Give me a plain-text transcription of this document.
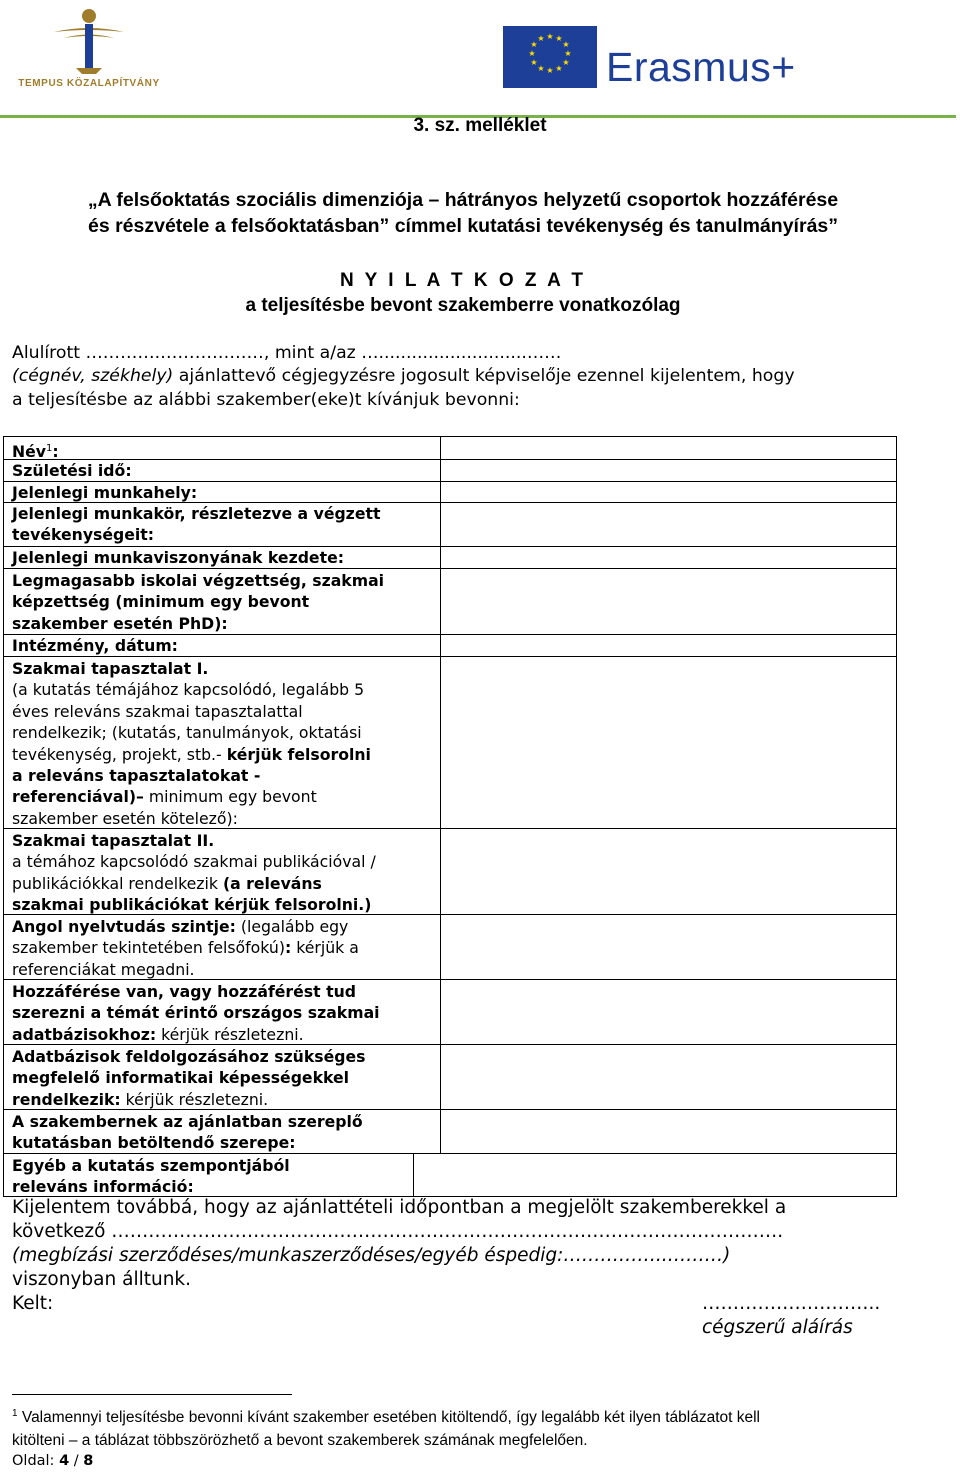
TEMPUS KÖZALAPÍTVÁNY
★ ★
★
★
★
★
★
★
★
★
★
★
Erasmus+
3. sz. melléklet
„A felsőoktatás szociális dimenziója – hátrányos helyzetű csoportok hozzáférése
és részvétele a felsőoktatásban” címmel kutatási tevékenység és tanulmányírás”
N Y I L A T K O Z A T
a teljesítésbe bevont szakemberre vonatkozólag
Alulírott ………….………………, mint a/az …...........................……
(cégnév, székhely) ajánlattevő cégjegyzésre jogosult képviselője ezennel kijelentem, hogy
a teljesítésbe az alábbi szakember(eke)t kívánjuk bevonni:
Név$^1$:
Születési idő:
Jelenlegi munkahely:
Jelenlegi munkakör, részletezve a végzett
tevékenységeit:
Jelenlegi munkaviszonyának kezdete:
Legmagasabb iskolai végzettség, szakmai
képzettség (minimum egy bevont
szakember esetén PhD):
Intézmény, dátum:
Szakmai tapasztalat I.
(a kutatás témájához kapcsolódó, legalább 5
éves releváns szakmai tapasztalattal
rendelkezik; (kutatás, tanulmányok, oktatási
tevékenység, projekt, stb.- kérjük felsorolni
a releváns tapasztalatokat -
referenciával)– minimum egy bevont
szakember esetén kötelező):
Szakmai tapasztalat II.
a témához kapcsolódó szakmai publikációval /
publikációkkal rendelkezik (a releváns
szakmai publikációkat kérjük felsorolni.)
Angol nyelvtudás szintje: (legalább egy
szakember tekintetében felsőfokú): kérjük a
referenciákat megadni.
Hozzáférése van, vagy hozzáférést tud
szerezni a témát érintő országos szakmai
adatbázisokhoz: kérjük részletezni.
Adatbázisok feldolgozásához szükséges
megfelelő informatikai képességekkel
rendelkezik: kérjük részletezni.
A szakembernek az ajánlatban szereplő
kutatásban betöltendő szerepe:
Egyéb a kutatás szempontjából
releváns információ:
Kijelentem továbbá, hogy az ajánlattételi időpontban a megjelölt szakemberekkel a
következő ……………………………………………………………………………………………….
(megbízási szerződéses/munkaszerződéses/egyéb éspedig:……………..………)
viszonyban álltunk.
Kelt:	………………………..
cégszerű aláírás
$^1$ Valamennyi teljesítésbe bevonni kívánt szakember esetében kitöltendő, így legalább két ilyen táblázatot kell
kitölteni – a táblázat többszörözhető a bevont szakemberek számának megfelelően.
Oldal: 4 / 8
